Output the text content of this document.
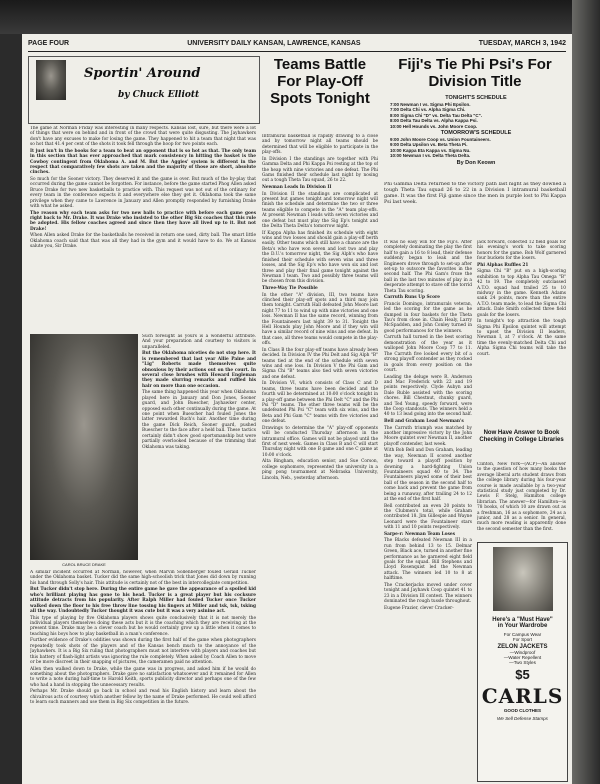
PAGE FOUR	UNIVERSITY DAILY KANSAN, LAWRENCE, KANSAS	TUESDAY, MARCH 3, 1942
Sportin' Around
by Chuck Elliott

The game at Norman Friday was interesting in many respects. Kansas lost, sure, but there were a lot of things that were on behind and in front of the crowd that were quite disgusting. The Jayhawkers don't have any excuses to make for losing the game. They happened to hit a team that night that was so hot that 41.4 per cent of the shots it took fell through the hoop for two points each.

It just isn't in the books for a team to beat an opponent that is so hot as that. The only team in this section that has ever approached that mark consistency in hitting the basket is the Cowboy contingent from Oklahoma A. and M. But the Aggies' system is different in the respect that comparatively few shots are taken and the majority of those are short, absolute cinches.

So much for the Sooner victory. They deserved it and the game is over. But much of the by-play that occurred during the game cannot be forgotten. For instance, before the game started Phog Allen asked Bruce Drake for two new basketballs to practice with. This request was not out of the ordinary for every team in the conference expects it and everywhere else they get it. Oklahoma took the same privilege when they came to Lawrence in January and Allen promptly responded by furnishing Drake with what he asked.

The reason why each team asks for two new balls to practice with before each game goes right back to Mr. Drake. It was Drake who insisted to the other Big Six coaches that this rule be adopted. His fellow coaches agreed and since then they have all lived up to it. But not Drake!

When Allen asked Drake for the basketballs he received in return one used, dirty ball. The smart little Oklahoma coach said that that was all they had in the gym and it would have to do. We at Kansas salute you, Sir Drake.

CAROL BRUCE DRAKE

Such foresight as yours is a wonderful attribute. And your preparation and courtesy to visitors is unparalleled.

But the Oklahoma niceties do not stop here. It is remembered that last year Allie Paine and "Lig" Roberts made themselves quite obnoxious by their actions out on the court. In several close brushes with Howard Engleman they made slurring remarks and ruffled his hair on more than one occasion.

The same thing happened this year when Oklahoma played here in January and Don Jones, Sooner guard, and John Buescher, Jayhawker center, opposed each other continually during the game. At one point when Buescher had fouled Jones the latter rewarded Ruch's hair. Another time during the game Dick Reich, Sooner guard, pushed Buescher to the face after a held ball. These tactics certainly didn't show good sportsmanship but were partially overlooked because of the trimming that Oklahoma was taking.

A similar incident occurred at Norman, however, when Marvin Sollenberger fouled Gerald Tucker under the Oklahoma basket. Tucker did the same high-schoolish trick that Jones did down by running his hand through Solly's hair. This attitude is certainly not of the best in intercollegiate competition.

But Tucker didn't stop here. During the entire game he gave the appearance of a spoiled kid who's brilliant playing has gone to his head. Tucker is a great player but his cocksure attitude detracts from his popularity. After Ralph Miller had fouled Tucker once Tucker walked down the floor to his free throw line tossing his fingers at Miller and tsk, tsk, tsking all the way. Undoubtedly Tucker thought it was cute but it was a very asinine act.

This type of playing by five Oklahoma players shows quite conclusively that it is not merely the individual players themselves doing these acts but it is the coaching which they are receiving at the present time. Drake may be a clever coach but he would certainly grow up a little when it comes to teaching his boys how to play basketball in a man's conference.

Further evidence of Drake's oddities was shown during the first half of the game when photographers repeatedly took shots of the players and of the Kansas bench much to the annoyance of the Jayhawkers. It is a Big Six ruling that photographers must not interfere with players and coaches but this battery of flash-light artists was ignoring the rule completely. When asked by Coach Allen to move or be more discreet in their snapping of pictures, the cameramen paid no attention.

Allen then walked down to Drake, while the game was in progress, and asked him if he would do something about the photographers. Drake gave no satisfaction whatsoever and it remained for Allen to write a note during half-time to Harold Keith, sports publicity director and perhaps one of the few who had a hand in stopping the unnecessary results.

Perhaps Mr. Drake should go back in school and read his English history and learn about the chivalrous acts of courtesy which another fellow by the name of Drake performed. He could well afford to learn such manners and use them in Big Six competition in the future.

Teams Battle For Play-Off Spots Tonight

Intramural basketball is rapidly drawing to a close and by tomorrow night all teams should be determined that will be eligible to participate in the play-offs.

In Division I the standings are together with Phi Gamma Delta and Phi Kappa Psi resting at the top of the heap with nine victories and one defeat. The Phi Gams finished their schedule last night by nosing out a tough Theta Tau squad, 26 to 22.

Newman Leads In Division II

In Division II the standings are complicated at present but games tonight and tomorrow night will finish the schedule and determine the two or three teams eligible to compete in the "A" team play-offs. At present Newman I leads with seven victories and one defeat but must play the Sig Ep's tonight and the Delta Theta Delta's tomorrow night.

If Kappa Alpha has finished its schedule with eight wins and two losses and should gain a play-off berth easily. Other teams which still have a chance are the Beta's who have won seven and lost two and play the D.U.'s tomorrow night, the Sig Alph's who have finished their schedule with seven wins and three losses, and the Sig Ep's who have won six and lost three and play their final game tonight against the Newman I team. Two and possibly three teams will be chosen from this division.

Three-Way Tie Possible

In the other "A" division, III, two teams have clinched their play-off spots and a third may join them tonight. Carruth Hall defeated John Moore last night 77 to 11 to wind up with nine victories and one loss. Newman II has the same record, winning from the Fountaineers last night 39 to 31. Tonight the Hell Hounds play John Moore and if they win will have a similar record of nine wins and one defeat. In that case, all three teams would compete in the play-offs.

In Class B the four play-off teams have already been decided. In Division IV the Phi Delt and Sig Alph "B" teams tied at the end of the schedule with seven wins and one loss. In Division V the Phi Gam and Sigma Chi "B" teams also tied with seven victories and one defeat.

In Division VI, which consists of Class C and D teams, three teams have been decided and the fourth will be determined at 10:00 o'clock tonight in a play-off game between the Phi Delt "C" and the Phi Psi "D" teams. The other three teams will be the undefeated Phi Psi "C" team with six wins, and the Beta and Phi Gam "C" teams with five victories and one defeat.

Drawings to determine the "A" play-off opponents will be conducted Thursday afternoon in the intramural office. Games will not be played until the first of next week. Games in Class B and C will start Thursday night with one B game and one C game at 10:00 o'clock.

Alta Bingham, education senior, and Sue Corson, college sophomore, represented the university in a ping pong tournament at Nebraska University, Lincoln, Neb., yesterday afternoon.

Fiji's Tie Phi Psi's For Division Title
TONIGHT'S SCHEDULE
7:00 Newman I vs. Sigma Phi Epsilon.
7:00 Delta Chi vs. Alpha Sigma Chi.
8:00 Sigma Chi "D" vs. Delta Tau Delta "C".
8:00 Delta Tau Delta vs. Alpha Kappa Psi.
10:00 Hell Hounds vs. John Moore Coop.
TOMORROW'S SCHEDULE
9:00 John Moore Coop vs. Union Fountaineers.
9:00 Delta Upsilon vs. Beta Theta Pi.
10:00 Kappa Eta Kappa vs. Sigma Nu.
10:00 Newman I vs. Delta Theta Delta.
By Don Keown

Phi Gamma Delta returned to the victory path last night as they downed a tough Theta Tau squad 26 to 22 in a Division I intramural basketball game. It was the first Fiji game since the men in purple lost to Phi Kappa Psi last week.

It was no easy win for the Fiji's. After completely dominating the play the first half to gain a 16 to 8 lead, their defense suddenly began to leak and the Engineers drove through to set-up after set-up to outscore the favorites in the second half. The Phi Gam's froze the ball in the last two minutes of play in a desperate attempt to stave off the torrid Theta Tau scoring.

Carruth Runs Up Score

Francis Domingo, intramurals veteran, led the scoring for the game as he dumped in four baskets for the Theta Tau's from close in. Chain Healy, Larry McSpadden, and John Conley turned in good performances for the winners.

Carruth hall turned in the best scoring demonstration of the year as it walloped John Moore Coop 77 to 11. The Carruth five looked every bit of a strong playoff contender as they rocked in goals from every position on the court.

Leading the deluge were R. Anderson and Mac Frederick with 22 and 19 points respectively. Clyde Aubyn and Dale Ruble assisted with the scoring chores. Bill Chestnut, chunky guard, and Ted Young, speedy forward, were the Coop standouts. The winners held a 40 to 13 lead going into the second half.

Bell and Graham Lead Newman's

The Carruth triumph was matched by another impressive victory by the John Moore quintet over Newman II, another playoff contender, last week.

With Bob Bell and Don Graham, leading the way, Newman II scored another step toward a playoff position by downing a hard-fighting Union Fountaineers squad 40 to 34. The Fountaineers played some of their best ball of the season in the second half to come back and prevent the game from being a runaway, after trailing 24 to 12 at the end of the first half.

Bell contributed an even 20 points to the Clubmen's total, while Graham contributed 18. Jim Gillespie and Wayne Leonard were the Fountaineer stars with 11 and 10 points respectively.

Sarpe-r: Newman Team Loses

The Blacks defeated Newman III in a run from behind 13 to 15. Delmar Green, Black ace, turned in another fine performance as he garnered eight field goals for the squad. Bill Stephens and Lloyd Rosenquist led the Newman attack. The winners led 10 to 8 at halftime.

The Crackerjacks moved under cover tonight and Jayhawk Coop quintet 41 to 23 in a Division III contest. The winners dominated the rough tussle throughout.

Eugene Frazier, clever Cracker-

jack forward, collected 12 field goals for his evening's work to take scoring honors for the game. Bob Wolf garnered four buckets for the losers.

Phi Alphas Ruffles 21

Sigma Chi "B" put on a high-scoring exhibition to top Alpha Tau Omega "B" 42 to 19. The completely outclassed A.T.O. squad had trailed 25 to 10 midway in the game. Kenneth Adams sank 24 points, more than the entire A.T.O. team made, to lead the Sigma Chi attack. Dale Smith collected three field goals for the losers.

In tonight's top attraction the tough Sigma Phi Epsilon quintet will attempt to upset the Division II leaders, Newman I, at 7 o'clock. At the same time the evenly-matched Delta Chi and Alpha Sigma Chi teams will take the court.

Now Have Answer to Book Checking in College Libraries

Clinton, New York—(ACP)—An answer to the question of how many books the average liberal arts student draws from the college library during his four-year course is made available by a two-year statistical study just completed by Dr. Lewis F. Stelg, Hamilton college librarian. The answer—for Hamilton—is 78 books, of which 10 are drawn out as a freshman, 16 as a sophomore, 24 as a junior, and 28 as a senior. In general, much more reading is apparently done the second semester than the first.

Here's a "Must Have"
in Your Wardrobe
For Campus Wear
For Sport
ZELON JACKETS
—Windproof
—Water Repellent
—Two Styles
$5
CARLS
GOOD CLOTHES
We Sell Defense Stamps
